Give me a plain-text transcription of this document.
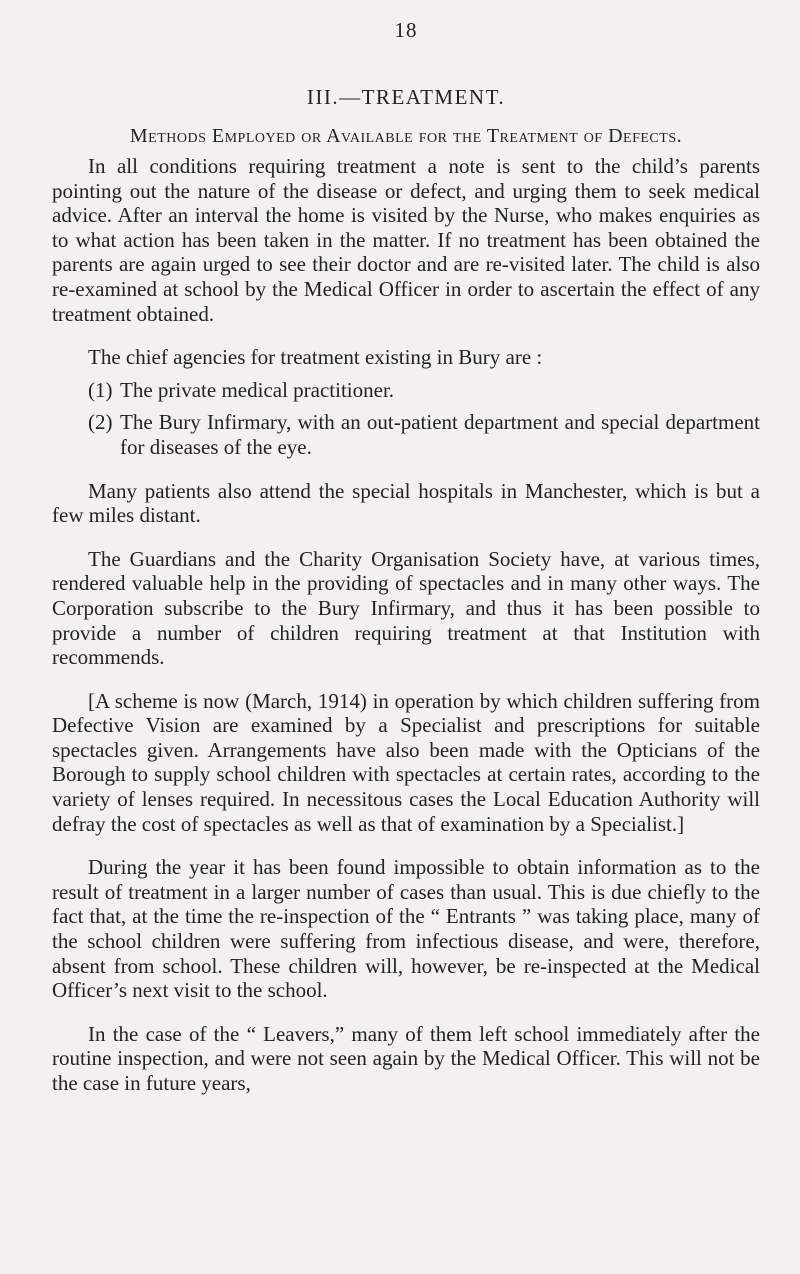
18
III.—TREATMENT.
Methods Employed or Available for the Treatment of Defects.

In all conditions requiring treatment a note is sent to the child’s parents pointing out the nature of the disease or defect, and urging them to seek medical advice. After an interval the home is visited by the Nurse, who makes enquiries as to what action has been taken in the matter. If no treatment has been obtained the parents are again urged to see their doctor and are re-visited later. The child is also re-examined at school by the Medical Officer in order to ascertain the effect of any treatment obtained.

The chief agencies for treatment existing in Bury are :

(1) The private medical practitioner.
(2) The Bury Infirmary, with an out-patient department and special department for diseases of the eye.

Many patients also attend the special hospitals in Manchester, which is but a few miles distant.

The Guardians and the Charity Organisation Society have, at various times, rendered valuable help in the providing of spectacles and in many other ways. The Corporation subscribe to the Bury Infirmary, and thus it has been possible to provide a number of children requiring treatment at that Institution with recommends.

[A scheme is now (March, 1914) in operation by which children suffering from Defective Vision are examined by a Specialist and prescriptions for suitable spectacles given. Arrangements have also been made with the Opticians of the Borough to supply school children with spectacles at certain rates, according to the variety of lenses required. In necessitous cases the Local Education Authority will defray the cost of spectacles as well as that of examination by a Specialist.]

During the year it has been found impossible to obtain information as to the result of treatment in a larger number of cases than usual. This is due chiefly to the fact that, at the time the re-inspection of the “ Entrants ” was taking place, many of the school children were suffering from infectious disease, and were, therefore, absent from school. These children will, however, be re-inspected at the Medical Officer’s next visit to the school.

In the case of the “ Leavers,” many of them left school immediately after the routine inspection, and were not seen again by the Medical Officer. This will not be the case in future years,
